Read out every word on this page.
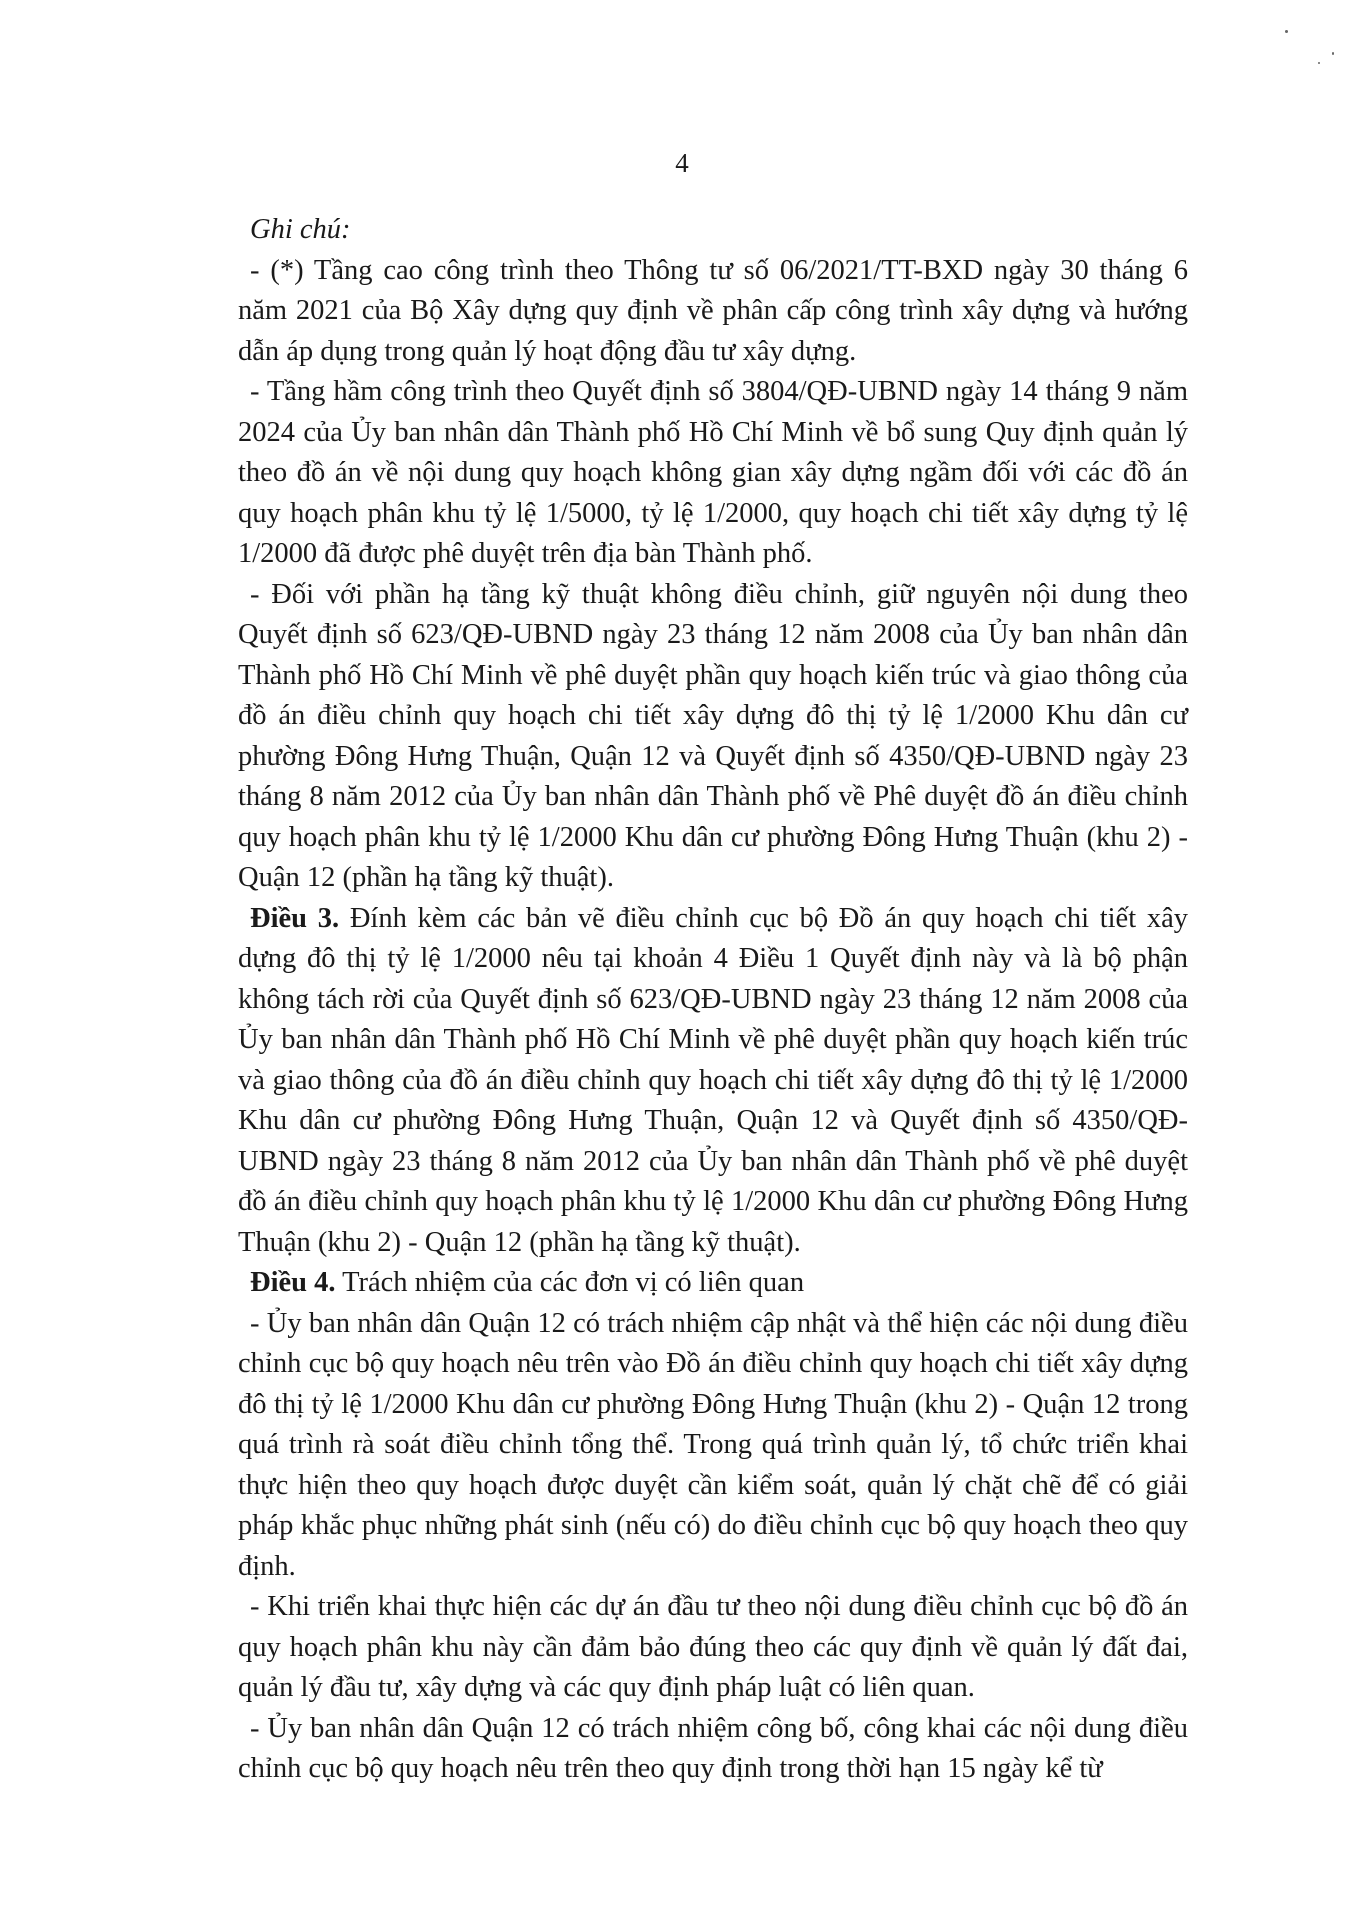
4

Ghi chú:

- (*) Tầng cao công trình theo Thông tư số 06/2021/TT-BXD ngày 30 tháng 6 năm 2021 của Bộ Xây dựng quy định về phân cấp công trình xây dựng và hướng dẫn áp dụng trong quản lý hoạt động đầu tư xây dựng.

- Tầng hầm công trình theo Quyết định số 3804/QĐ-UBND ngày 14 tháng 9 năm 2024 của Ủy ban nhân dân Thành phố Hồ Chí Minh về bổ sung Quy định quản lý theo đồ án về nội dung quy hoạch không gian xây dựng ngầm đối với các đồ án quy hoạch phân khu tỷ lệ 1/5000, tỷ lệ 1/2000, quy hoạch chi tiết xây dựng tỷ lệ 1/2000 đã được phê duyệt trên địa bàn Thành phố.

- Đối với phần hạ tầng kỹ thuật không điều chỉnh, giữ nguyên nội dung theo Quyết định số 623/QĐ-UBND ngày 23 tháng 12 năm 2008 của Ủy ban nhân dân Thành phố Hồ Chí Minh về phê duyệt phần quy hoạch kiến trúc và giao thông của đồ án điều chỉnh quy hoạch chi tiết xây dựng đô thị tỷ lệ 1/2000 Khu dân cư phường Đông Hưng Thuận, Quận 12 và Quyết định số 4350/QĐ-UBND ngày 23 tháng 8 năm 2012 của Ủy ban nhân dân Thành phố về Phê duyệt đồ án điều chỉnh quy hoạch phân khu tỷ lệ 1/2000 Khu dân cư phường Đông Hưng Thuận (khu 2) - Quận 12 (phần hạ tầng kỹ thuật).

Điều 3. Đính kèm các bản vẽ điều chỉnh cục bộ Đồ án quy hoạch chi tiết xây dựng đô thị tỷ lệ 1/2000 nêu tại khoản 4 Điều 1 Quyết định này và là bộ phận không tách rời của Quyết định số 623/QĐ-UBND ngày 23 tháng 12 năm 2008 của Ủy ban nhân dân Thành phố Hồ Chí Minh về phê duyệt phần quy hoạch kiến trúc và giao thông của đồ án điều chỉnh quy hoạch chi tiết xây dựng đô thị tỷ lệ 1/2000 Khu dân cư phường Đông Hưng Thuận, Quận 12 và Quyết định số 4350/QĐ-UBND ngày 23 tháng 8 năm 2012 của Ủy ban nhân dân Thành phố về phê duyệt đồ án điều chỉnh quy hoạch phân khu tỷ lệ 1/2000 Khu dân cư phường Đông Hưng Thuận (khu 2) - Quận 12 (phần hạ tầng kỹ thuật).

Điều 4. Trách nhiệm của các đơn vị có liên quan

- Ủy ban nhân dân Quận 12 có trách nhiệm cập nhật và thể hiện các nội dung điều chỉnh cục bộ quy hoạch nêu trên vào Đồ án điều chỉnh quy hoạch chi tiết xây dựng đô thị tỷ lệ 1/2000 Khu dân cư phường Đông Hưng Thuận (khu 2) - Quận 12 trong quá trình rà soát điều chỉnh tổng thể. Trong quá trình quản lý, tổ chức triển khai thực hiện theo quy hoạch được duyệt cần kiểm soát, quản lý chặt chẽ để có giải pháp khắc phục những phát sinh (nếu có) do điều chỉnh cục bộ quy hoạch theo quy định.

- Khi triển khai thực hiện các dự án đầu tư theo nội dung điều chỉnh cục bộ đồ án quy hoạch phân khu này cần đảm bảo đúng theo các quy định về quản lý đất đai, quản lý đầu tư, xây dựng và các quy định pháp luật có liên quan.

- Ủy ban nhân dân Quận 12 có trách nhiệm công bố, công khai các nội dung điều chỉnh cục bộ quy hoạch nêu trên theo quy định trong thời hạn 15 ngày kể từ
